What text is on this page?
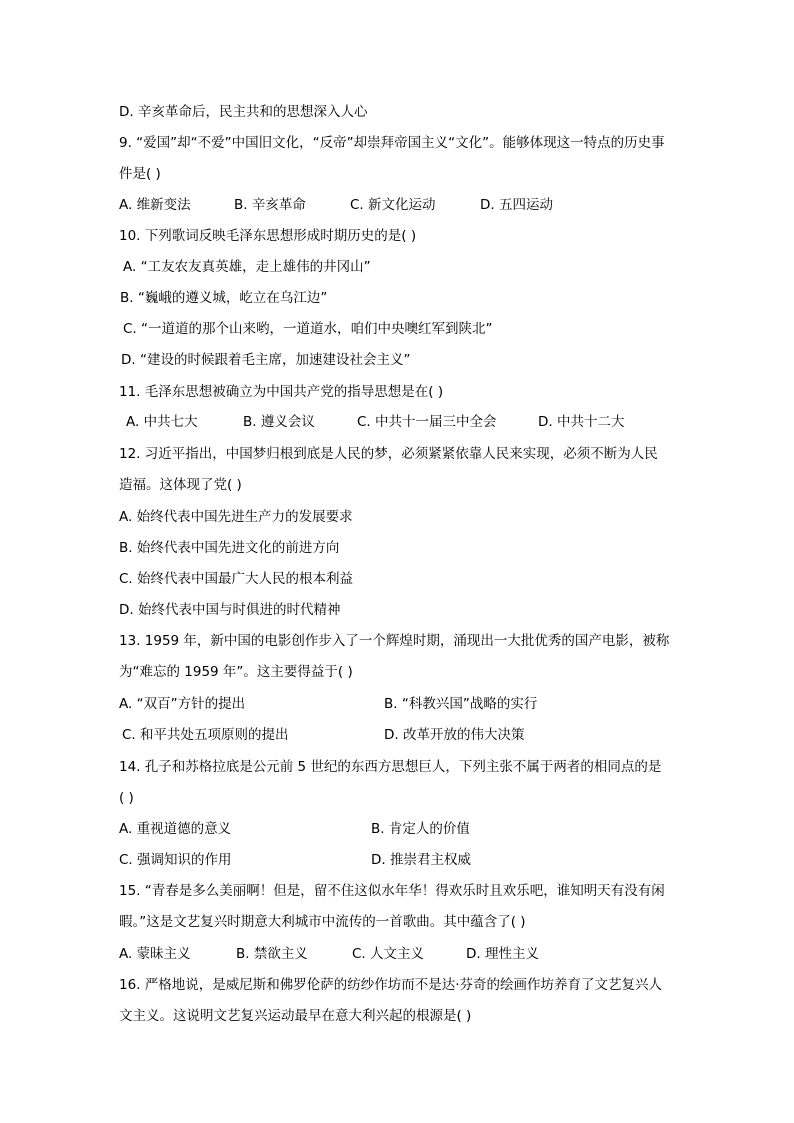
D. 辛亥革命后，民主共和的思想深入人心
9. “爱国”却“不爱”中国旧文化，“反帝”却崇拜帝国主义“文化”。能够体现这一特点的历史事
件是( )
A. 维新变法	B. 辛亥革命	C. 新文化运动	D. 五四运动
10. 下列歌词反映毛泽东思想形成时期历史的是( )
A. “工友农友真英雄，走上雄伟的井冈山”
B. “巍峨的遵义城，屹立在乌江边”
C. “一道道的那个山来哟，一道道水，咱们中央噢红军到陕北”
D. “建设的时候跟着毛主席，加速建设社会主义”
11. 毛泽东思想被确立为中国共产党的指导思想是在( )
A. 中共七大	B. 遵义会议	C. 中共十一届三中全会	D. 中共十二大
12. 习近平指出，中国梦归根到底是人民的梦，必须紧紧依靠人民来实现，必须不断为人民
造福。这体现了党( )
A. 始终代表中国先进生产力的发展要求
B. 始终代表中国先进文化的前进方向
C. 始终代表中国最广大人民的根本利益
D. 始终代表中国与时俱进的时代精神
13. 1959 年，新中国的电影创作步入了一个辉煌时期，涌现出一大批优秀的国产电影，被称
为“难忘的 1959 年”。这主要得益于( )
A. “双百”方针的提出	B. “科教兴国”战略的实行
C. 和平共处五项原则的提出	D. 改革开放的伟大决策
14. 孔子和苏格拉底是公元前 5 世纪的东西方思想巨人，下列主张不属于两者的相同点的是
( )
A. 重视道德的意义	B. 肯定人的价值
C. 强调知识的作用	D. 推崇君主权威
15. “青春是多么美丽啊！但是，留不住这似水年华！得欢乐时且欢乐吧，谁知明天有没有闲
暇。”这是文艺复兴时期意大利城市中流传的一首歌曲。其中蕴含了( )
A. 蒙昧主义	B. 禁欲主义	C. 人文主义	D. 理性主义
16. 严格地说，是威尼斯和佛罗伦萨的纺纱作坊而不是达·芬奇的绘画作坊养育了文艺复兴人
文主义。这说明文艺复兴运动最早在意大利兴起的根源是( )
